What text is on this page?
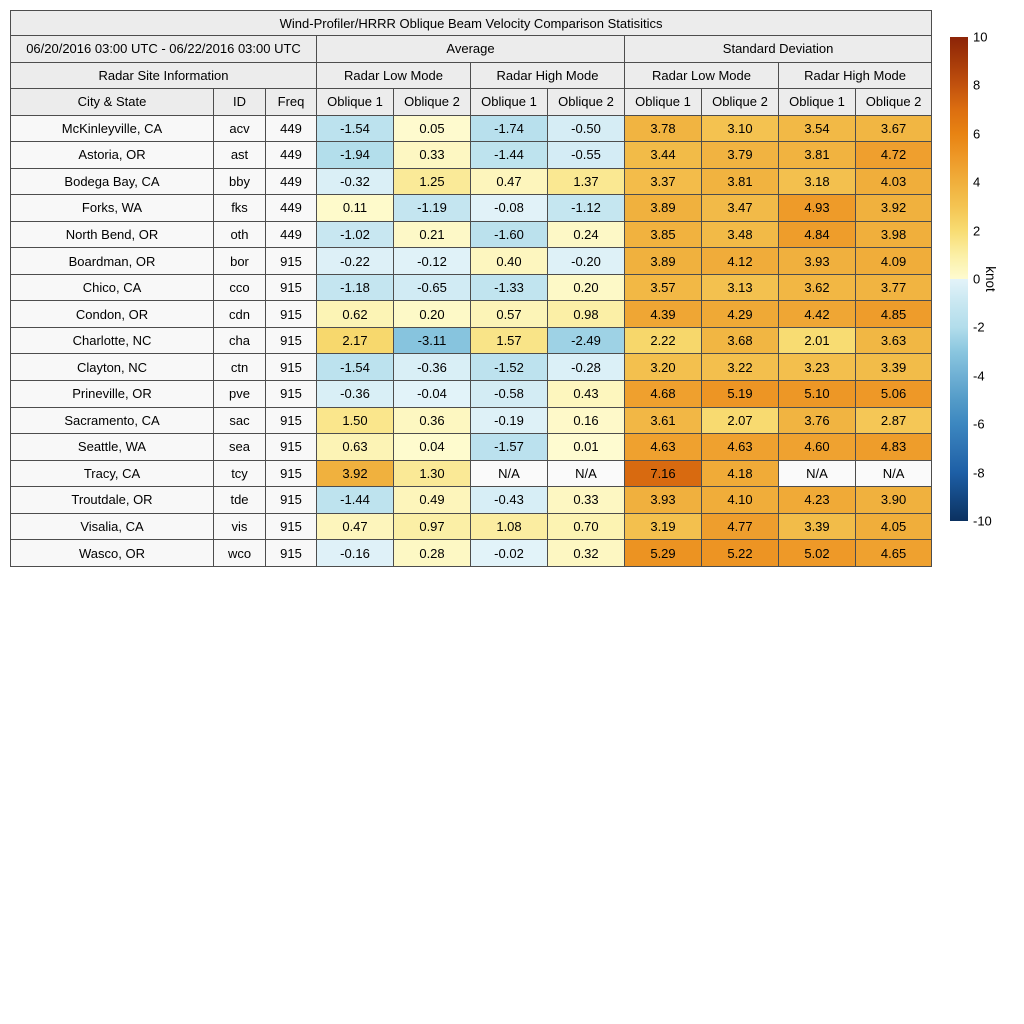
Wind-Profiler/HRRR Oblique Beam Velocity Comparison Statisitics										
06/20/2016 03:00 UTC - 06/22/2016 03:00 UTC			Average				Standard Deviation			
Radar Site Information			Radar Low Mode		Radar High Mode		Radar Low Mode		Radar High Mode	
City & State	ID	Freq	Oblique 1	Oblique 2	Oblique 1	Oblique 2	Oblique 1	Oblique 2	Oblique 1	Oblique 2
McKinleyville, CA	acv	449	-1.54	0.05	-1.74	-0.50	3.78	3.10	3.54	3.67
Astoria, OR	ast	449	-1.94	0.33	-1.44	-0.55	3.44	3.79	3.81	4.72
Bodega Bay, CA	bby	449	-0.32	1.25	0.47	1.37	3.37	3.81	3.18	4.03
Forks, WA	fks	449	0.11	-1.19	-0.08	-1.12	3.89	3.47	4.93	3.92
North Bend, OR	oth	449	-1.02	0.21	-1.60	0.24	3.85	3.48	4.84	3.98
Boardman, OR	bor	915	-0.22	-0.12	0.40	-0.20	3.89	4.12	3.93	4.09
Chico, CA	cco	915	-1.18	-0.65	-1.33	0.20	3.57	3.13	3.62	3.77
Condon, OR	cdn	915	0.62	0.20	0.57	0.98	4.39	4.29	4.42	4.85
Charlotte, NC	cha	915	2.17	-3.11	1.57	-2.49	2.22	3.68	2.01	3.63
Clayton, NC	ctn	915	-1.54	-0.36	-1.52	-0.28	3.20	3.22	3.23	3.39
Prineville, OR	pve	915	-0.36	-0.04	-0.58	0.43	4.68	5.19	5.10	5.06
Sacramento, CA	sac	915	1.50	0.36	-0.19	0.16	3.61	2.07	3.76	2.87
Seattle, WA	sea	915	0.63	0.04	-1.57	0.01	4.63	4.63	4.60	4.83
Tracy, CA	tcy	915	3.92	1.30	N/A	N/A	7.16	4.18	N/A	N/A
Troutdale, OR	tde	915	-1.44	0.49	-0.43	0.33	3.93	4.10	4.23	3.90
Visalia, CA	vis	915	0.47	0.97	1.08	0.70	3.19	4.77	3.39	4.05
Wasco, OR	wco	915	-0.16	0.28	-0.02	0.32	5.29	5.22	5.02	4.65
10
8
6
4
2
0
-2
-4
-6
-8
-10
knot
